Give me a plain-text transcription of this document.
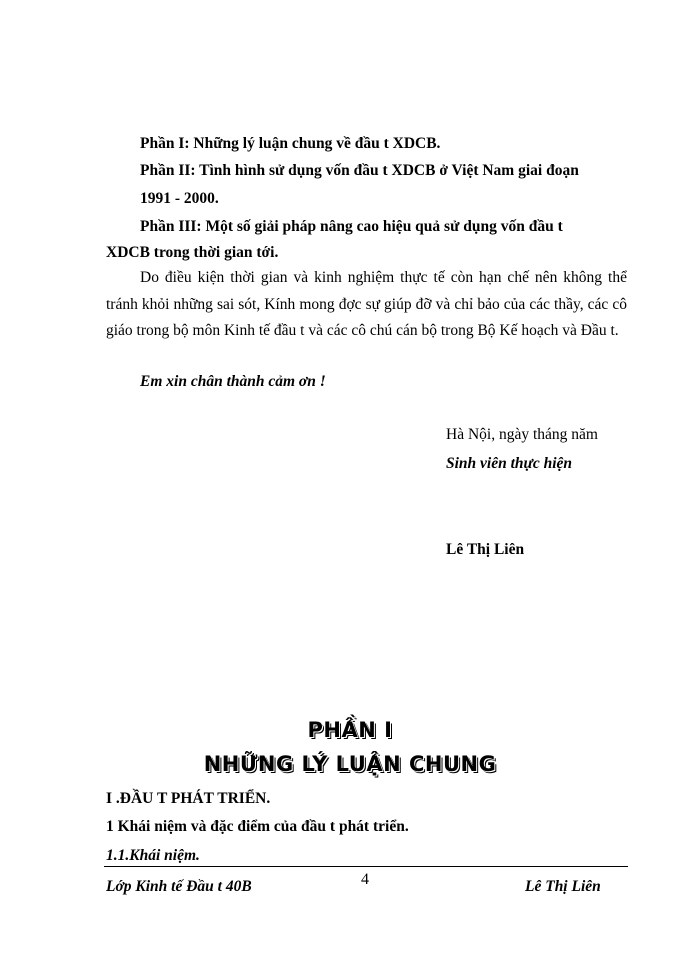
Phần I: Những lý luận chung về đầu t XDCB.
Phần II: Tình hình sử dụng vốn đầu t XDCB ở Việt Nam giai đoạn
1991 - 2000.
Phần III: Một số giải pháp nâng cao hiệu quả sử dụng vốn đầu t
XDCB trong thời gian tới.
Do điều kiện thời gian và kinh nghiệm thực tế còn hạn chế nên không thể tránh khỏi những sai sót, Kính mong đợc sự giúp đỡ và chỉ bảo của các thầy, các cô giáo trong bộ môn Kinh tế đầu t và các cô chú cán bộ trong Bộ Kế hoạch và Đầu t.
Em xin chân thành cảm ơn !
Hà Nội, ngày tháng năm
Sinh viên thực hiện
Lê Thị Liên
PHẦN I
NHỮNG LÝ LUẬN CHUNG
I .ĐẦU T PHÁT TRIỂN.
1 Khái niệm và đặc điểm của đầu t phát triển.
1.1.Khái niệm.
Lớp Kinh tế Đầu t 40B	4	Lê Thị Liên
